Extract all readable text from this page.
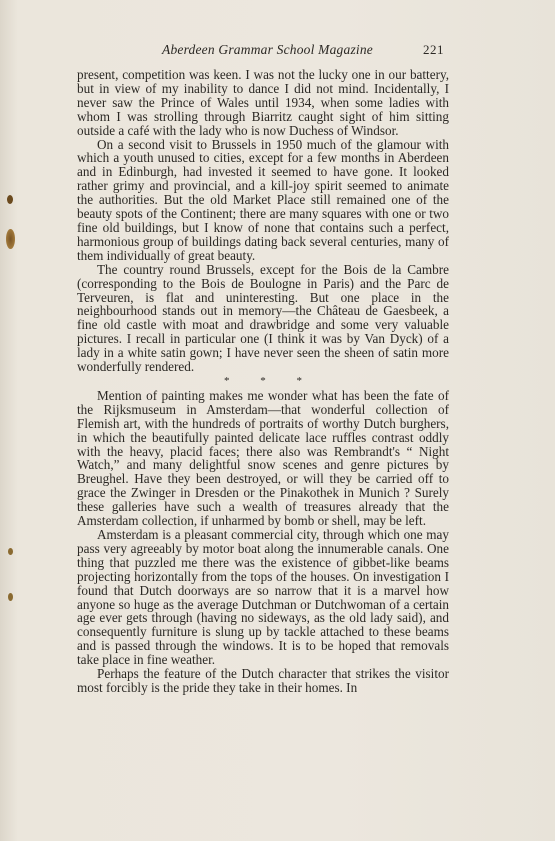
Aberdeen Grammar School Magazine	221

present, competition was keen. I was not the lucky one in our battery, but in view of my inability to dance I did not mind. Incidentally, I never saw the Prince of Wales until 1934, when some ladies with whom I was strolling through Biarritz caught sight of him sitting outside a café with the lady who is now Duchess of Windsor.

On a second visit to Brussels in 1950 much of the glamour with which a youth unused to cities, except for a few months in Aberdeen and in Edinburgh, had invested it seemed to have gone. It looked rather grimy and provincial, and a kill-joy spirit seemed to animate the authorities. But the old Market Place still remained one of the beauty spots of the Continent; there are many squares with one or two fine old buildings, but I know of none that contains such a perfect, harmonious group of buildings dating back several centuries, many of them individually of great beauty.

The country round Brussels, except for the Bois de la Cambre (corresponding to the Bois de Boulogne in Paris) and the Parc de Terveuren, is flat and uninteresting. But one place in the neighbourhood stands out in memory—the Château de Gaesbeek, a fine old castle with moat and drawbridge and some very valuable pictures. I recall in particular one (I think it was by Van Dyck) of a lady in a white satin gown; I have never seen the sheen of satin more wonderfully rendered.

* * *

Mention of painting makes me wonder what has been the fate of the Rijksmuseum in Amsterdam—that wonderful collection of Flemish art, with the hundreds of portraits of worthy Dutch burghers, in which the beautifully painted delicate lace ruffles contrast oddly with the heavy, placid faces; there also was Rembrandt's “ Night Watch,” and many delightful snow scenes and genre pictures by Breughel. Have they been destroyed, or will they be carried off to grace the Zwinger in Dresden or the Pinakothek in Munich ? Surely these galleries have such a wealth of treasures already that the Amsterdam collection, if unharmed by bomb or shell, may be left.

Amsterdam is a pleasant commercial city, through which one may pass very agreeably by motor boat along the innumerable canals. One thing that puzzled me there was the existence of gibbet-like beams projecting horizontally from the tops of the houses. On investigation I found that Dutch doorways are so narrow that it is a marvel how anyone so huge as the average Dutchman or Dutchwoman of a certain age ever gets through (having no sideways, as the old lady said), and consequently furniture is slung up by tackle attached to these beams and is passed through the windows. It is to be hoped that removals take place in fine weather.

Perhaps the feature of the Dutch character that strikes the visitor most forcibly is the pride they take in their homes. In
